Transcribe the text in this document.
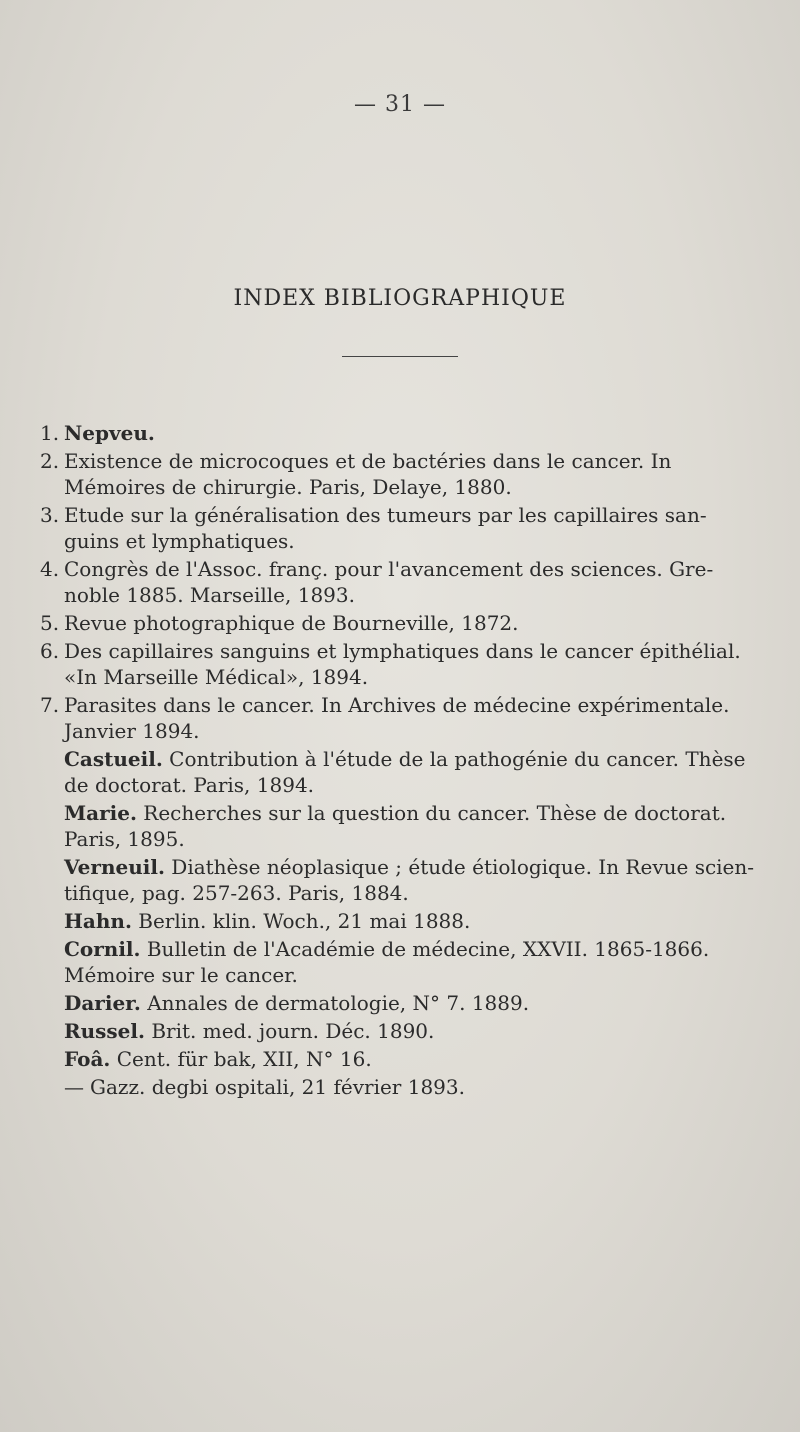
— 31 —
INDEX BIBLIOGRAPHIQUE
1. Nepveu.
2. Existence de microcoques et de bactéries dans le cancer. In
Mémoires de chirurgie. Paris, Delaye, 1880.
3. Etude sur la généralisation des tumeurs par les capillaires san-
guins et lymphatiques.
4. Congrès de l'Assoc. franç. pour l'avancement des sciences. Gre-
noble 1885. Marseille, 1893.
5. Revue photographique de Bourneville, 1872.
6. Des capillaires sanguins et lymphatiques dans le cancer épithélial.
«In Marseille Médical», 1894.
7. Parasites dans le cancer. In Archives de médecine expérimentale.
Janvier 1894.
Castueil. Contribution à l'étude de la pathogénie du cancer. Thèse
de doctorat. Paris, 1894.
Marie. Recherches sur la question du cancer. Thèse de doctorat.
Paris, 1895.
Verneuil. Diathèse néoplasique ; étude étiologique. In Revue scien-
tifique, pag. 257-263. Paris, 1884.
Hahn. Berlin. klin. Woch., 21 mai 1888.
Cornil. Bulletin de l'Académie de médecine, XXVII. 1865-1866.
Mémoire sur le cancer.
Darier. Annales de dermatologie, N° 7. 1889.
Russel. Brit. med. journ. Déc. 1890.
Foâ. Cent. für bak, XII, N° 16.
— Gazz. degbi ospitali, 21 février 1893.
